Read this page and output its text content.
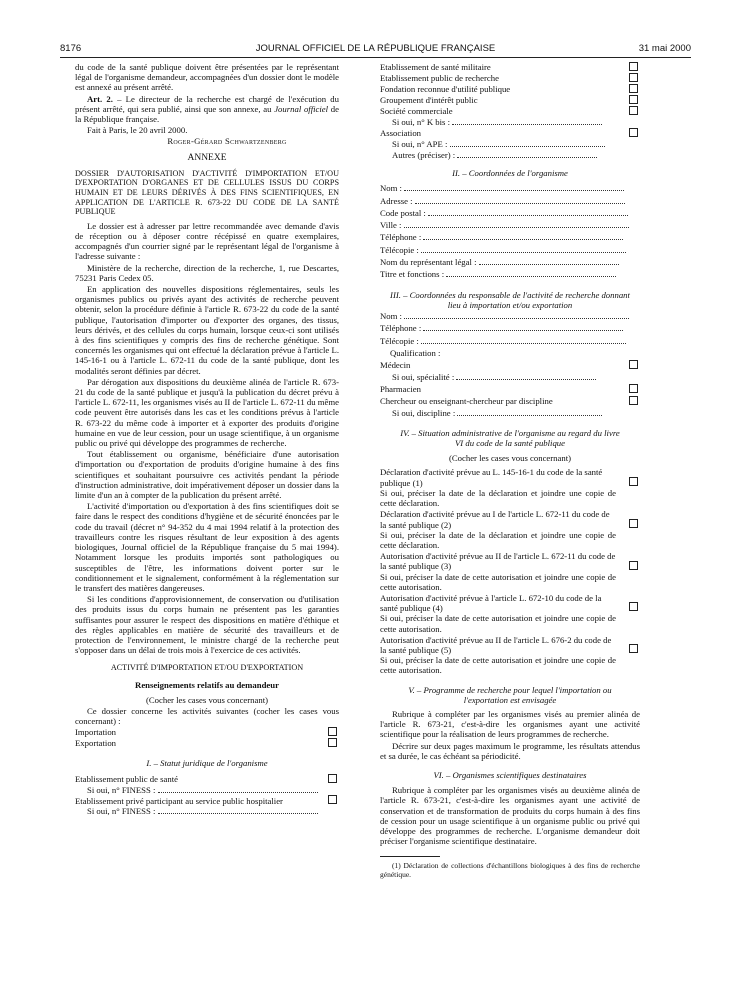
8176	JOURNAL OFFICIEL DE LA RÉPUBLIQUE FRANÇAISE	31 mai 2000

du code de la santé publique doivent être présentées par le représentant légal de l'organisme demandeur, accompagnées d'un dossier dont le modèle est annexé au présent arrêté.

Art. 2. – Le directeur de la recherche est chargé de l'exécution du présent arrêté, qui sera publié, ainsi que son annexe, au Journal officiel de la République française.

Fait à Paris, le 20 avril 2000.

Roger-Gérard Schwartzenberg

ANNEXE

DOSSIER D'AUTORISATION D'ACTIVITÉ D'IMPORTATION ET/OU D'EXPORTATION D'ORGANES ET DE CELLULES ISSUS DU CORPS HUMAIN ET DE LEURS DÉRIVÉS À DES FINS SCIENTIFIQUES, EN APPLICATION DE L'ARTICLE R. 673-22 DU CODE DE LA SANTÉ PUBLIQUE

Le dossier est à adresser par lettre recommandée avec demande d'avis de réception ou à déposer contre récépissé en quatre exemplaires, accompagnés d'un courrier signé par le représentant légal de l'organisme à l'adresse suivante :

Ministère de la recherche, direction de la recherche, 1, rue Descartes, 75231 Paris Cedex 05.

En application des nouvelles dispositions réglementaires, seuls les organismes publics ou privés ayant des activités de recherche peuvent obtenir, selon la procédure définie à l'article R. 673-22 du code de la santé publique, l'autorisation d'importer ou d'exporter des organes, des tissus, leurs dérivés, et des cellules du corps humain, lorsque ceux-ci sont utilisés à des fins scientifiques y compris des fins de recherche génétique. Sont concernés les organismes qui ont effectué la déclaration prévue à l'article L. 145-16-1 ou à l'article L. 672-11 du code de la santé publique, dont les modalités seront définies par décret.

Par dérogation aux dispositions du deuxième alinéa de l'article R. 673-21 du code de la santé publique et jusqu'à la publication du décret prévu à l'article L. 672-11, les organismes visés au II de l'article L. 672-11 du même code peuvent être autorisés dans les cas et les conditions prévus à l'article R. 673-22 du même code à importer et à exporter des produits d'origine humaine en vue de leur cession, pour un usage scientifique, à un organisme public ou privé qui développe des programmes de recherche.

Tout établissement ou organisme, bénéficiaire d'une autorisation d'importation ou d'exportation de produits d'origine humaine à des fins scientifiques et souhaitant poursuivre ces activités pendant la période d'instruction administrative, doit impérativement déposer un dossier dans la limite d'un an à compter de la publication du présent arrêté.

L'activité d'importation ou d'exportation à des fins scientifiques doit se faire dans le respect des conditions d'hygiène et de sécurité énoncées par le code du travail (décret n° 94-352 du 4 mai 1994 relatif à la protection des travailleurs contre les risques résultant de leur exposition à des agents biologiques, Journal officiel de la République française du 5 mai 1994). Notamment lorsque les produits importés sont pathologiques ou susceptibles de l'être, les informations doivent porter sur le conditionnement et le signalement, conformément à la réglementation sur le transfert des matières dangereuses.

Si les conditions d'approvisionnement, de conservation ou d'utilisation des produits issus du corps humain ne présentent pas les garanties suffisantes pour assurer le respect des dispositions en matière d'éthique et des règles applicables en matière de sécurité des travailleurs et de protection de l'environnement, le ministre chargé de la recherche peut s'opposer dans un délai de trois mois à l'exercice de ces activités.

ACTIVITÉ D'IMPORTATION ET/OU D'EXPORTATION

Renseignements relatifs au demandeur

(Cocher les cases vous concernant)

Ce dossier concerne les activités suivantes (cocher les cases vous concernant) :

Importation
Exportation

I. – Statut juridique de l'organisme

Etablissement public de santé
Si oui, n° FINESS :
Etablissement privé participant au service public hospitalier
Si oui, n° FINESS :
Etablissement de santé militaire
Etablissement public de recherche
Fondation reconnue d'utilité publique
Groupement d'intérêt public
Société commerciale
Si oui, n° K bis :
Association
Si oui, n° APE :
Autres (préciser) :

II. – Coordonnées de l'organisme

Nom :
Adresse :
Code postal :
Ville :
Téléphone :
Télécopie :
Nom du représentant légal :
Titre et fonctions :

III. – Coordonnées du responsable de l'activité de recherche donnant lieu à importation et/ou exportation

Nom :
Téléphone :
Télécopie :
Qualification :
Médecin
Si oui, spécialité :
Pharmacien
Chercheur ou enseignant-chercheur par discipline
Si oui, discipline :

IV. – Situation administrative de l'organisme au regard du livre VI du code de la santé publique

(Cocher les cases vous concernant)

Déclaration d'activité prévue au L. 145-16-1 du code de la santé publique (1)

Si oui, préciser la date de la déclaration et joindre une copie de cette déclaration.

Déclaration d'activité prévue au I de l'article L. 672-11 du code de la santé publique (2)

Si oui, préciser la date de la déclaration et joindre une copie de cette déclaration.

Autorisation d'activité prévue au II de l'article L. 672-11 du code de la santé publique (3)

Si oui, préciser la date de cette autorisation et joindre une copie de cette autorisation.

Autorisation d'activité prévue à l'article L. 672-10 du code de la santé publique (4)

Si oui, préciser la date de cette autorisation et joindre une copie de cette autorisation.

Autorisation d'activité prévue au II de l'article L. 676-2 du code de la santé publique (5)

Si oui, préciser la date de cette autorisation et joindre une copie de cette autorisation.

V. – Programme de recherche pour lequel l'importation ou l'exportation est envisagée

Rubrique à compléter par les organismes visés au premier alinéa de l'article R. 673-21, c'est-à-dire les organismes ayant une activité scientifique pour la réalisation de leurs programmes de recherche.

Décrire sur deux pages maximum le programme, les résultats attendus et sa durée, le cas échéant sa périodicité.

VI. – Organismes scientifiques destinataires

Rubrique à compléter par les organismes visés au deuxième alinéa de l'article R. 673-21, c'est-à-dire les organismes ayant une activité de conservation et de transformation de produits du corps humain à des fins de cession pour un usage scientifique à un organisme public ou privé qui développe des programmes de recherche. L'organisme demandeur doit préciser l'organisme scientifique destinataire.

(1) Déclaration de collections d'échantillons biologiques à des fins de recherche génétique.
